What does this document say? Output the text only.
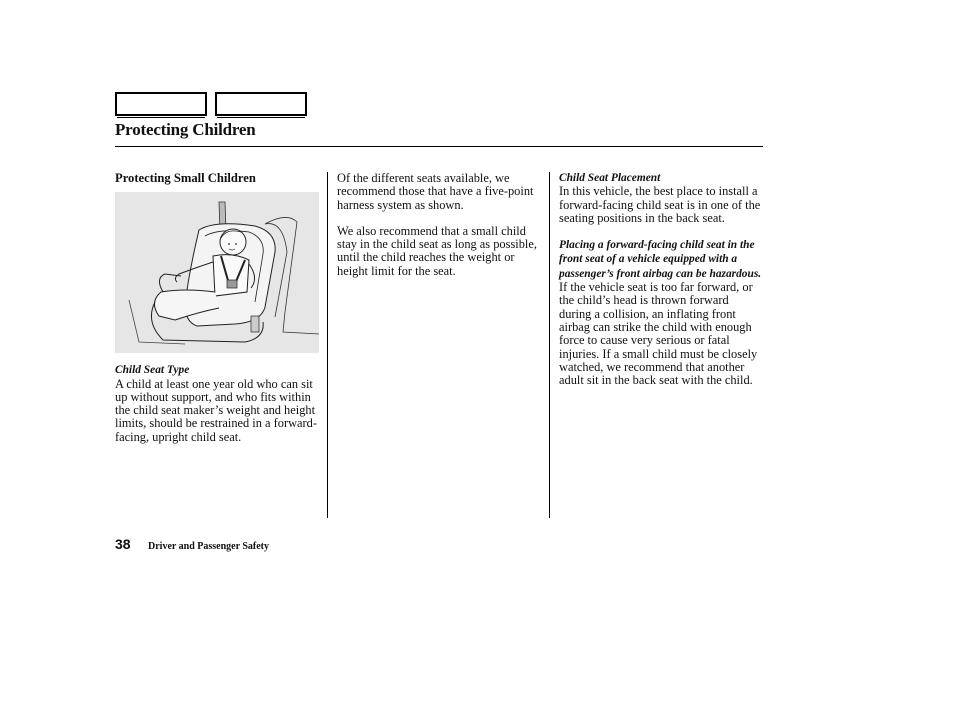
Protecting Children
Protecting Small Children
Child Seat Type

A child at least one year old who can sit up without support, and who fits within the child seat maker’s weight and height limits, should be restrained in a forward-facing, upright child seat.

Of the different seats available, we recommend those that have a five-point harness system as shown.

We also recommend that a small child stay in the child seat as long as possible, until the child reaches the weight or height limit for the seat.

Child Seat Placement

In this vehicle, the best place to install a forward-facing child seat is in one of the seating positions in the back seat.

Placing a forward-facing child seat in the front seat of a vehicle equipped with a passenger’s front airbag can be hazardous. If the vehicle seat is too far forward, or the child’s head is thrown forward during a collision, an inflating front airbag can strike the child with enough force to cause very serious or fatal injuries. If a small child must be closely watched, we recommend that another adult sit in the back seat with the child.

38 Driver and Passenger Safety
